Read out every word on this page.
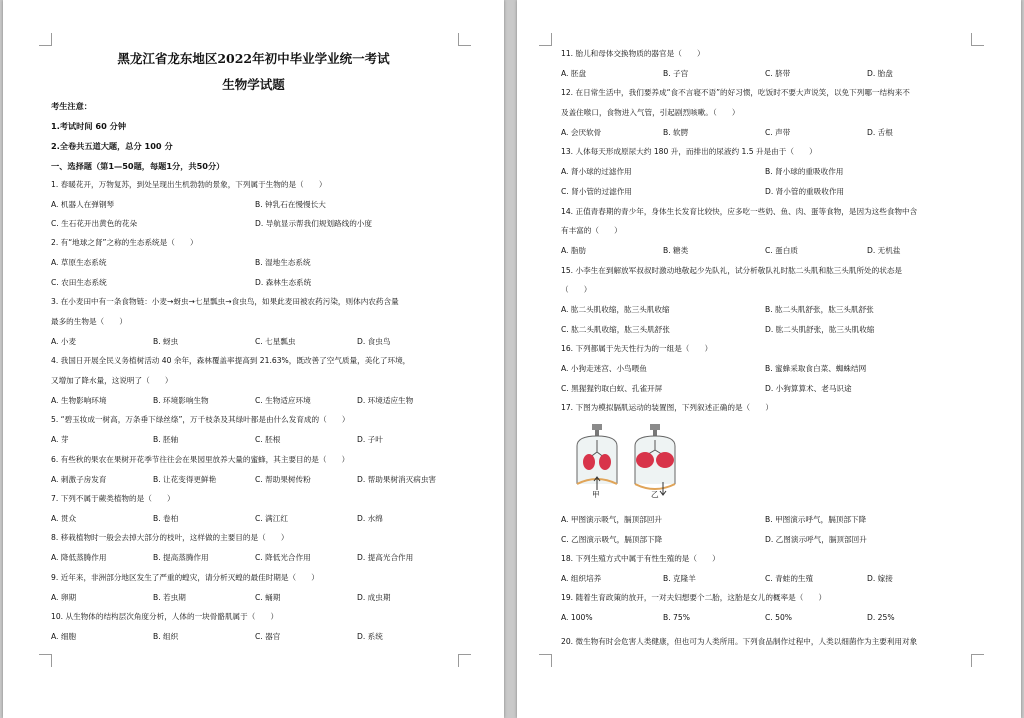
黑龙江省龙东地区2022年初中毕业学业统一考试
生物学试题
考生注意：
1.考试时间 60 分钟
2.全卷共五道大题，总分 100 分
一、选择题（第1—50题，每题1分，共50分）
1. 春暖花开，万物复苏，到处呈现出生机勃勃的景象，下列属于生物的是（　　）
A. 机器人在弹钢琴	B. 钟乳石在慢慢长大
C. 生石花开出黄色的花朵	D. 导航显示帮我们规划路线的小度
2. 有“地球之肾”之称的生态系统是（　　）
A. 草原生态系统	B. 湿地生态系统
C. 农田生态系统	D. 森林生态系统
3. 在小麦田中有一条食物链：小麦→蚜虫→七星瓢虫→食虫鸟，如果此麦田被农药污染，则体内农药含量
最多的生物是（　　）
A. 小麦	B. 蚜虫	C. 七星瓢虫	D. 食虫鸟
4. 我国日开展全民义务植树活动 40 余年，森林覆盖率提高到 21.63%，既改善了空气质量，美化了环境，
又增加了降水量，这说明了（　　）
A. 生物影响环境	B. 环境影响生物	C. 生物适应环境	D. 环境适应生物
5. “碧玉妆成一树高，万条垂下绿丝绦”，万千枝条及其绿叶都是由什么发育成的（　　）
A. 芽	B. 胚轴	C. 胚根	D. 子叶
6. 有些秋的果农在果树开花季节往往会在果园里放养大量的蜜蜂，其主要目的是（　　）
A. 刺激子房发育	B. 让花变得更鲜艳	C. 帮助果树传粉	D. 帮助果树消灭病虫害
7. 下列不属于蕨类植物的是（　　）
A. 贯众	B. 卷柏	C. 满江红	D. 水绵
8. 移栽植物时一般会去掉大部分的枝叶，这样做的主要目的是（　　）
A. 降低蒸腾作用	B. 提高蒸腾作用	C. 降低光合作用	D. 提高光合作用
9. 近年来，非洲部分地区发生了严重的蝗灾，请分析灭蝗的最佳时期是（　　）
A. 卵期	B. 若虫期	C. 蛹期	D. 成虫期
10. 从生物体的结构层次角度分析，人体的一块骨骼肌属于（　　）
A. 细胞	B. 组织	C. 器官	D. 系统
11. 胎儿和母体交换物质的器官是（　　）
A. 胚盘	B. 子宫	C. 脐带	D. 胎盘
12. 在日常生活中，我们要养成“食不言寝不语”的好习惯，吃饭时不要大声说笑，以免下列哪一结构来不
及盖住喉口，食物进入气管，引起剧烈咳嗽。（　　）
A. 会厌软骨	B. 软腭	C. 声带	D. 舌根
13. 人体每天形成原尿大约 180 升，而排出的尿液约 1.5 升是由于（　　）
A. 肾小球的过滤作用	B. 肾小球的重吸收作用
C. 肾小管的过滤作用	D. 肾小管的重吸收作用
14. 正值青春期的青少年，身体生长发育比较快，应多吃一些奶、鱼、肉、蛋等食物，是因为这些食物中含
有丰富的（　　）
A. 脂肪	B. 糖类	C. 蛋白质	D. 无机盐
15. 小李生在到解放军叔叔时激动地敬起少先队礼，试分析敬队礼时肱二头肌和肱三头肌所处的状态是
（　　）
A. 肱二头肌收缩，肱三头肌收缩	B. 肱二头肌舒张，肱三头肌舒张
C. 肱二头肌收缩，肱三头肌舒张	D. 肱二头肌舒张，肱三头肌收缩
16. 下列都属于先天性行为的一组是（　　）
A. 小狗走迷宫、小鸟喂鱼	B. 蜜蜂采取食白菜、蜘蛛结网
C. 黑猩猩钓取白蚁、孔雀开屏	D. 小狗算算术、老马识途
17. 下图为模拟膈肌运动的装置图，下列叙述正确的是（　　）
甲	乙
A. 甲图演示吸气，膈顶部回升	B. 甲图演示呼气，膈顶部下降
C. 乙图演示吸气，膈顶部下降	D. 乙图演示呼气，膈顶部回升
18. 下列生殖方式中属于有性生殖的是（　　）
A. 组织培养	B. 克隆羊	C. 青蛙的生殖	D. 嫁接
19. 随着生育政策的放开，一对夫妇想要个二胎，这胎是女儿的概率是（　　）
A. 100%	B. 75%	C. 50%	D. 25%
20. 微生物有时会危害人类健康，但也可为人类所用。下列食品制作过程中，人类以细菌作为主要利用对象
